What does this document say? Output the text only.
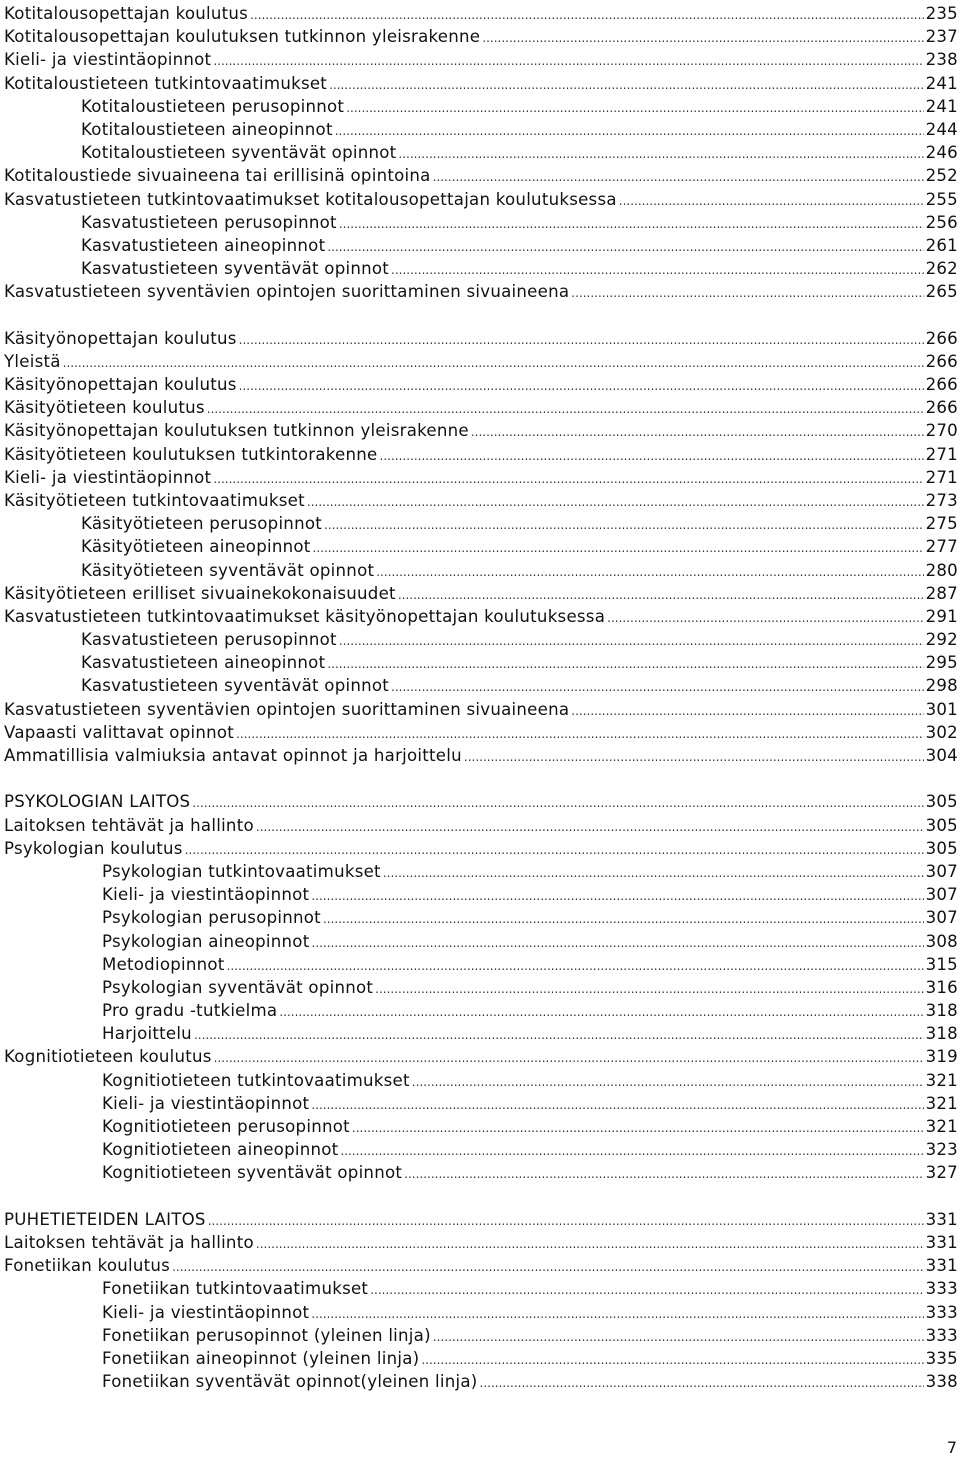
Kotitalousopettajan koulutus .....	235
Kotitalousopettajan koulutuksen tutkinnon yleisrakenne .....	237
Kieli- ja viestintäopinnot .....	238
Kotitaloustieteen tutkintovaatimukset .....	241
Kotitaloustieteen perusopinnot .....	241
Kotitaloustieteen aineopinnot .....	244
Kotitaloustieteen syventävät opinnot .....	246
Kotitaloustiede sivuaineena tai erillisinä opintoina .....	252
Kasvatustieteen tutkintovaatimukset kotitalousopettajan koulutuksessa .....	255
Kasvatustieteen perusopinnot .....	256
Kasvatustieteen aineopinnot .....	261
Kasvatustieteen syventävät opinnot .....	262
Kasvatustieteen syventävien opintojen suorittaminen sivuaineena .....	265
Käsityönopettajan koulutus .....	266
Yleistä .....	266
Käsityönopettajan koulutus .....	266
Käsityötieteen koulutus .....	266
Käsityönopettajan koulutuksen tutkinnon yleisrakenne .....	270
Käsityötieteen koulutuksen tutkintorakenne .....	271
Kieli- ja viestintäopinnot .....	271
Käsityötieteen tutkintovaatimukset .....	273
Käsityötieteen perusopinnot .....	275
Käsityötieteen aineopinnot .....	277
Käsityötieteen syventävät opinnot .....	280
Käsityötieteen erilliset sivuainekokonaisuudet .....	287
Kasvatustieteen tutkintovaatimukset käsityönopettajan koulutuksessa .....	291
Kasvatustieteen perusopinnot .....	292
Kasvatustieteen aineopinnot .....	295
Kasvatustieteen syventävät opinnot .....	298
Kasvatustieteen syventävien opintojen suorittaminen sivuaineena .....	301
Vapaasti valittavat opinnot .....	302
Ammatillisia valmiuksia antavat opinnot ja harjoittelu .....	304
PSYKOLOGIAN LAITOS .....	305
Laitoksen tehtävät ja hallinto .....	305
Psykologian koulutus .....	305
Psykologian tutkintovaatimukset .....	307
Kieli- ja viestintäopinnot .....	307
Psykologian perusopinnot .....	307
Psykologian aineopinnot .....	308
Metodiopinnot .....	315
Psykologian syventävät opinnot .....	316
Pro gradu -tutkielma .....	318
Harjoittelu .....	318
Kognitiotieteen koulutus .....	319
Kognitiotieteen tutkintovaatimukset .....	321
Kieli- ja viestintäopinnot .....	321
Kognitiotieteen perusopinnot .....	321
Kognitiotieteen aineopinnot .....	323
Kognitiotieteen syventävät opinnot .....	327
PUHETIETEIDEN LAITOS .....	331
Laitoksen tehtävät ja hallinto .....	331
Fonetiikan koulutus .....	331
Fonetiikan tutkintovaatimukset .....	333
Kieli- ja viestintäopinnot .....	333
Fonetiikan perusopinnot (yleinen linja) .....	333
Fonetiikan aineopinnot (yleinen linja) .....	335
Fonetiikan syventävät opinnot(yleinen linja) .....	338
7
